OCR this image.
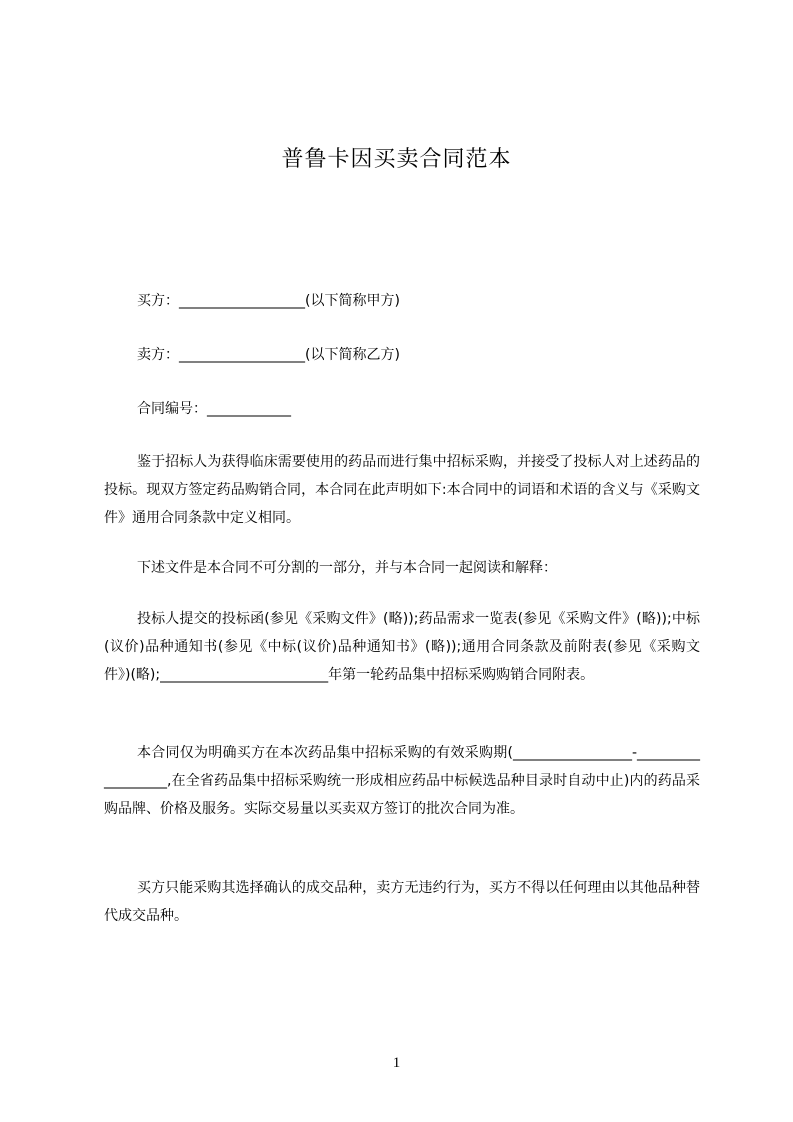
普鲁卡因买卖合同范本
买方：__________________(以下简称甲方)
卖方：__________________(以下简称乙方)
合同编号：____________
鉴于招标人为获得临床需要使用的药品而进行集中招标采购，并接受了投标人对上述药品的投标。现双方签定药品购销合同，本合同在此声明如下:本合同中的词语和术语的含义与《采购文件》通用合同条款中定义相同。
下述文件是本合同不可分割的一部分，并与本合同一起阅读和解释：
投标人提交的投标函(参见《采购文件》(略));药品需求一览表(参见《采购文件》(略));中标(议价)品种通知书(参见《中标(议价)品种通知书》(略));通用合同条款及前附表(参见《采购文件》)(略);________________________年第一轮药品集中招标采购购销合同附表。
本合同仅为明确买方在本次药品集中招标采购的有效采购期(_________________-__________________,在全省药品集中招标采购统一形成相应药品中标候选品种目录时自动中止)内的药品采购品牌、价格及服务。实际交易量以买卖双方签订的批次合同为准。
买方只能采购其选择确认的成交品种，卖方无违约行为，买方不得以任何理由以其他品种替代成交品种。
1
